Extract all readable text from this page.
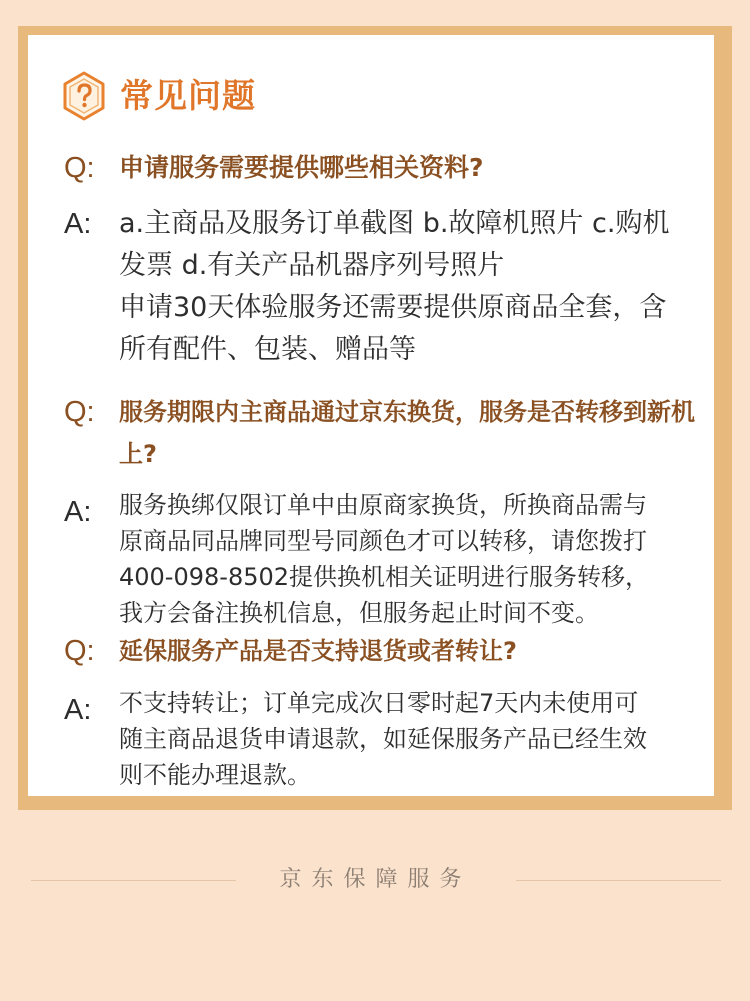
常见问题
Q: 申请服务需要提供哪些相关资料?
A: a.主商品及服务订单截图 b.故障机照片 c.购机
发票 d.有关产品机器序列号照片
申请30天体验服务还需要提供原商品全套，含
所有配件、包装、赠品等
Q: 服务期限内主商品通过京东换货，服务是否转移到新机上?
A: 服务换绑仅限订单中由原商家换货，所换商品需与
原商品同品牌同型号同颜色才可以转移，请您拨打
400-098-8502提供换机相关证明进行服务转移，
我方会备注换机信息，但服务起止时间不变。
Q: 延保服务产品是否支持退货或者转让?
A: 不支持转让；订单完成次日零时起7天内未使用可
随主商品退货申请退款，如延保服务产品已经生效
则不能办理退款。
京东保障服务
